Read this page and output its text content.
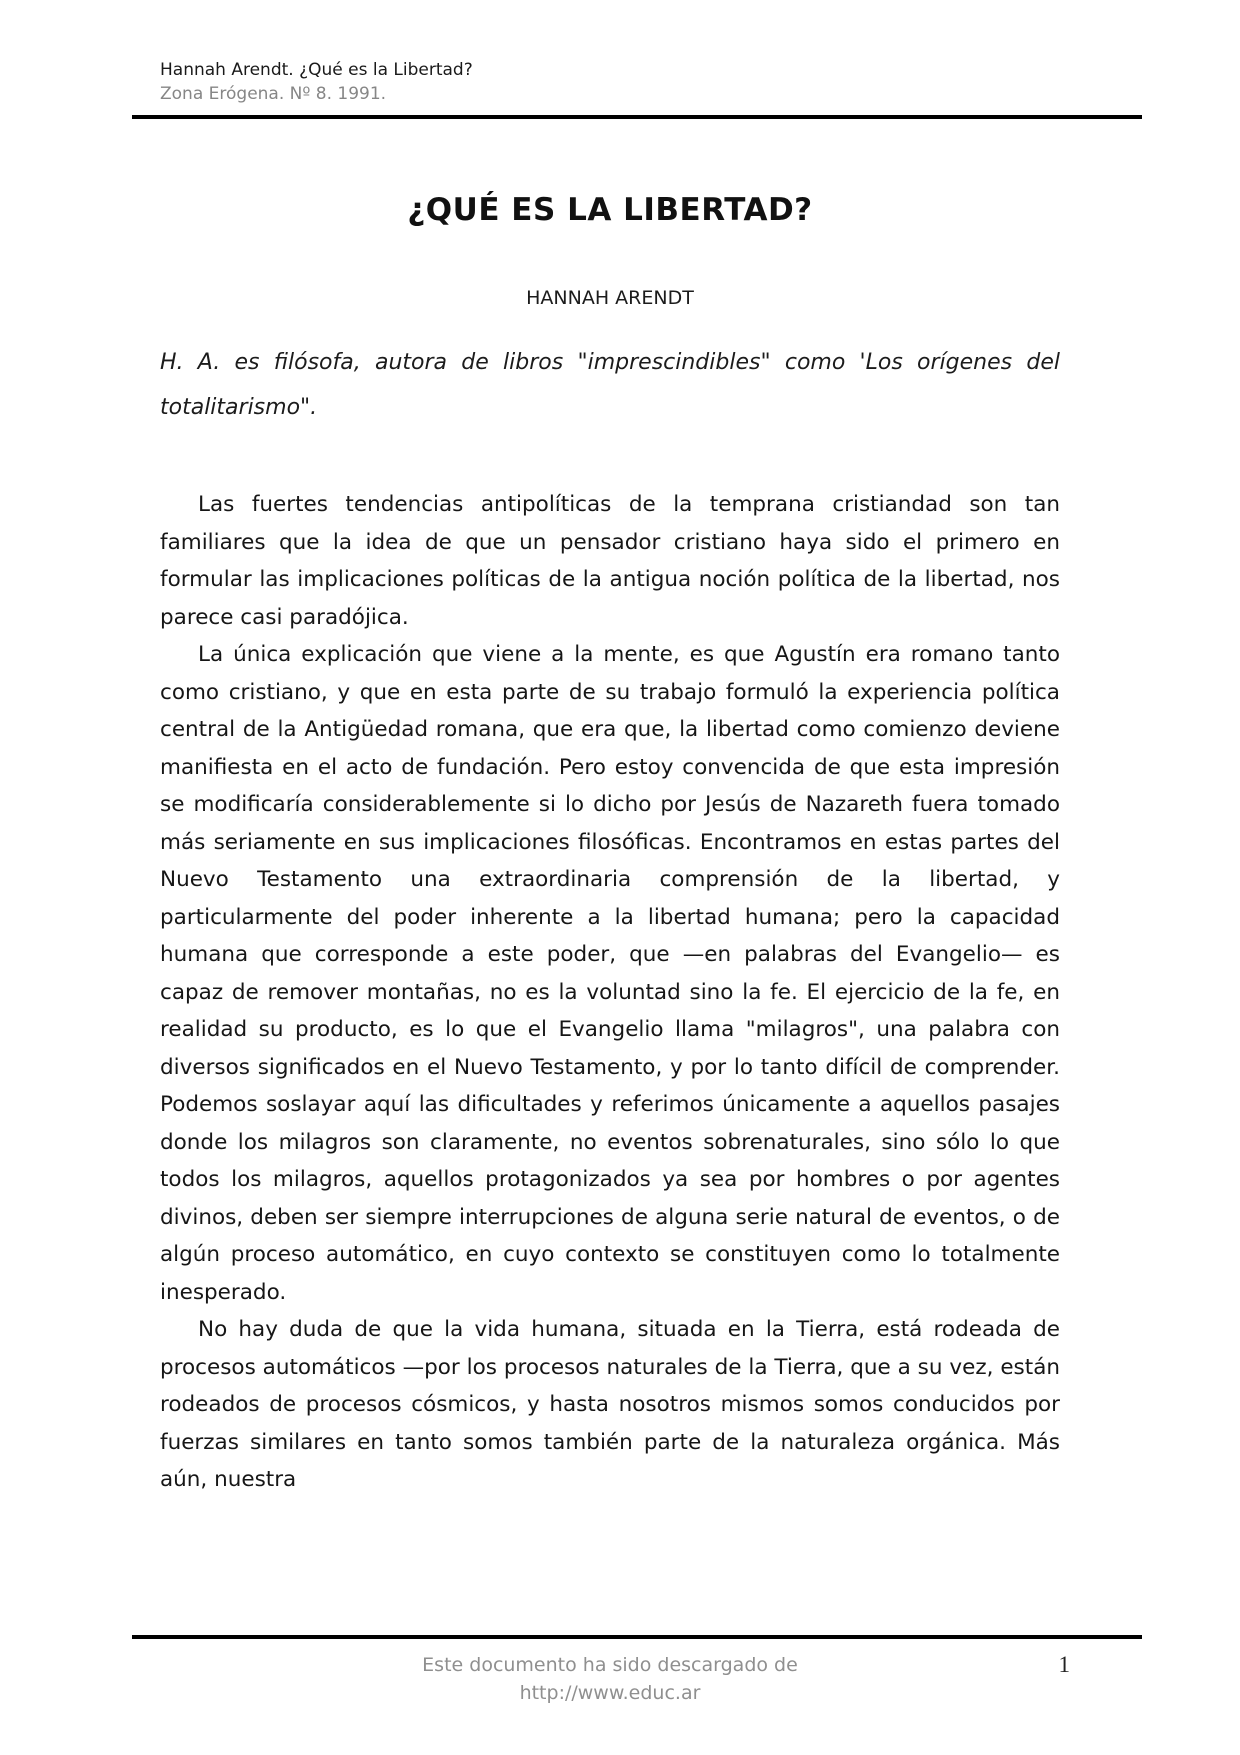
Hannah Arendt. ¿Qué es la Libertad?
Zona Erógena. Nº 8. 1991.
¿QUÉ ES LA LIBERTAD?
HANNAH ARENDT

H. A. es filósofa, autora de libros "imprescindibles" como 'Los orígenes del totalitarismo".

Las fuertes tendencias antipolíticas de la temprana cristiandad son tan familiares que la idea de que un pensador cristiano haya sido el primero en formular las implicaciones políticas de la antigua noción política de la libertad, nos parece casi paradójica.

La única explicación que viene a la mente, es que Agustín era romano tanto como cristiano, y que en esta parte de su trabajo formuló la experiencia política central de la Antigüedad romana, que era que, la libertad como comienzo deviene manifiesta en el acto de fundación. Pero estoy convencida de que esta impresión se modificaría considerablemente si lo dicho por Jesús de Nazareth fuera tomado más seriamente en sus implicaciones filosóficas. Encontramos en estas partes del Nuevo Testamento una extraordinaria comprensión de la libertad, y particularmente del poder inherente a la libertad humana; pero la capacidad humana que corresponde a este poder, que —en palabras del Evangelio— es capaz de remover montañas, no es la voluntad sino la fe. El ejercicio de la fe, en realidad su producto, es lo que el Evangelio llama "milagros", una palabra con diversos significados en el Nuevo Testamento, y por lo tanto difícil de comprender. Podemos soslayar aquí las dificultades y referimos únicamente a aquellos pasajes donde los milagros son claramente, no eventos sobrenaturales, sino sólo lo que todos los milagros, aquellos protagonizados ya sea por hombres o por agentes divinos, deben ser siempre interrupciones de alguna serie natural de eventos, o de algún proceso automático, en cuyo contexto se constituyen como lo totalmente inesperado.

No hay duda de que la vida humana, situada en la Tierra, está rodeada de procesos automáticos —por los procesos naturales de la Tierra, que a su vez, están rodeados de procesos cósmicos, y hasta nosotros mismos somos conducidos por fuerzas similares en tanto somos también parte de la naturaleza orgánica. Más aún, nuestra

Este documento ha sido descargado de
http://www.educ.ar
1
